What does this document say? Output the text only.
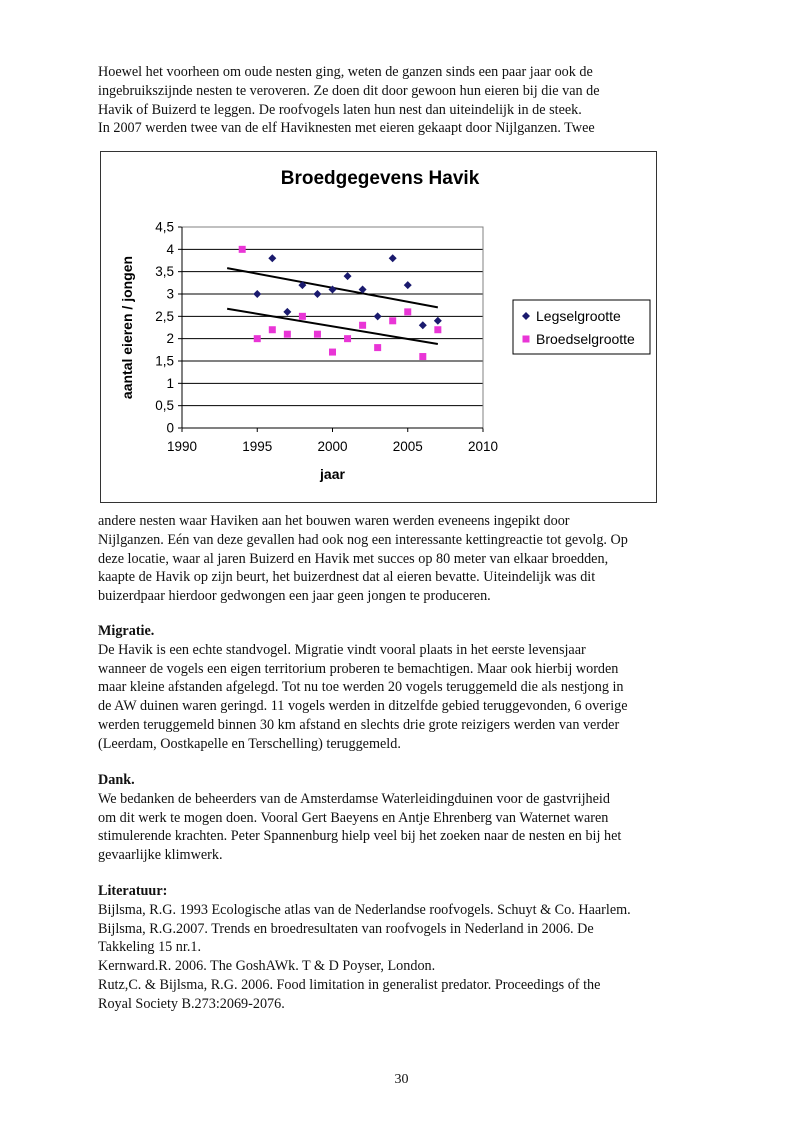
Hoewel het voorheen om oude nesten ging, weten de ganzen sinds een paar jaar ook de
ingebruikszijnde nesten te veroveren. Ze doen dit door gewoon hun eieren bij die van de
Havik of Buizerd te leggen. De roofvogels laten hun nest dan uiteindelijk in de steek.
In 2007 werden twee van de elf Haviknesten met eieren gekaapt door Nijlganzen. Twee
0
0,5
1
1,5
2
2,5
3
3,5
4
4,5
1990	1995	2000	2005	2010
Broedgegevens Havik
jaar
aantal eieren / jongen	Legselgrootte
Broedselgrootte
andere nesten waar Haviken aan het bouwen waren werden eveneens ingepikt door
Nijlganzen. Eén van deze gevallen had ook nog een interessante kettingreactie tot gevolg. Op
deze locatie, waar al jaren Buizerd en Havik met succes op 80 meter van elkaar broedden,
kaapte de Havik op zijn beurt, het buizerdnest dat al eieren bevatte. Uiteindelijk was dit
buizerdpaar hierdoor gedwongen een jaar geen jongen te produceren.
Migratie.
De Havik is een echte standvogel. Migratie vindt vooral plaats in het eerste levensjaar
wanneer de vogels een eigen territorium proberen te bemachtigen. Maar ook hierbij worden
maar kleine afstanden afgelegd. Tot nu toe werden 20 vogels teruggemeld die als nestjong in
de AW duinen waren geringd. 11 vogels werden in ditzelfde gebied teruggevonden, 6 overige
werden teruggemeld binnen 30 km afstand en slechts drie grote reizigers werden van verder
(Leerdam, Oostkapelle en Terschelling) teruggemeld.
Dank.
We bedanken de beheerders van de Amsterdamse Waterleidingduinen voor de gastvrijheid
om dit werk te mogen doen. Vooral Gert Baeyens en Antje Ehrenberg van Waternet waren
stimulerende krachten. Peter Spannenburg hielp veel bij het zoeken naar de nesten en bij het
gevaarlijke klimwerk.
Literatuur:
Bijlsma, R.G. 1993 Ecologische atlas van de Nederlandse roofvogels. Schuyt & Co. Haarlem.
Bijlsma, R.G.2007. Trends en broedresultaten van roofvogels in Nederland in 2006. De
Takkeling 15 nr.1.
Kernward.R. 2006. The GoshAWk. T & D Poyser, London.
Rutz,C. & Bijlsma, R.G. 2006. Food limitation in generalist predator. Proceedings of the
Royal Society B.273:2069-2076.
30
